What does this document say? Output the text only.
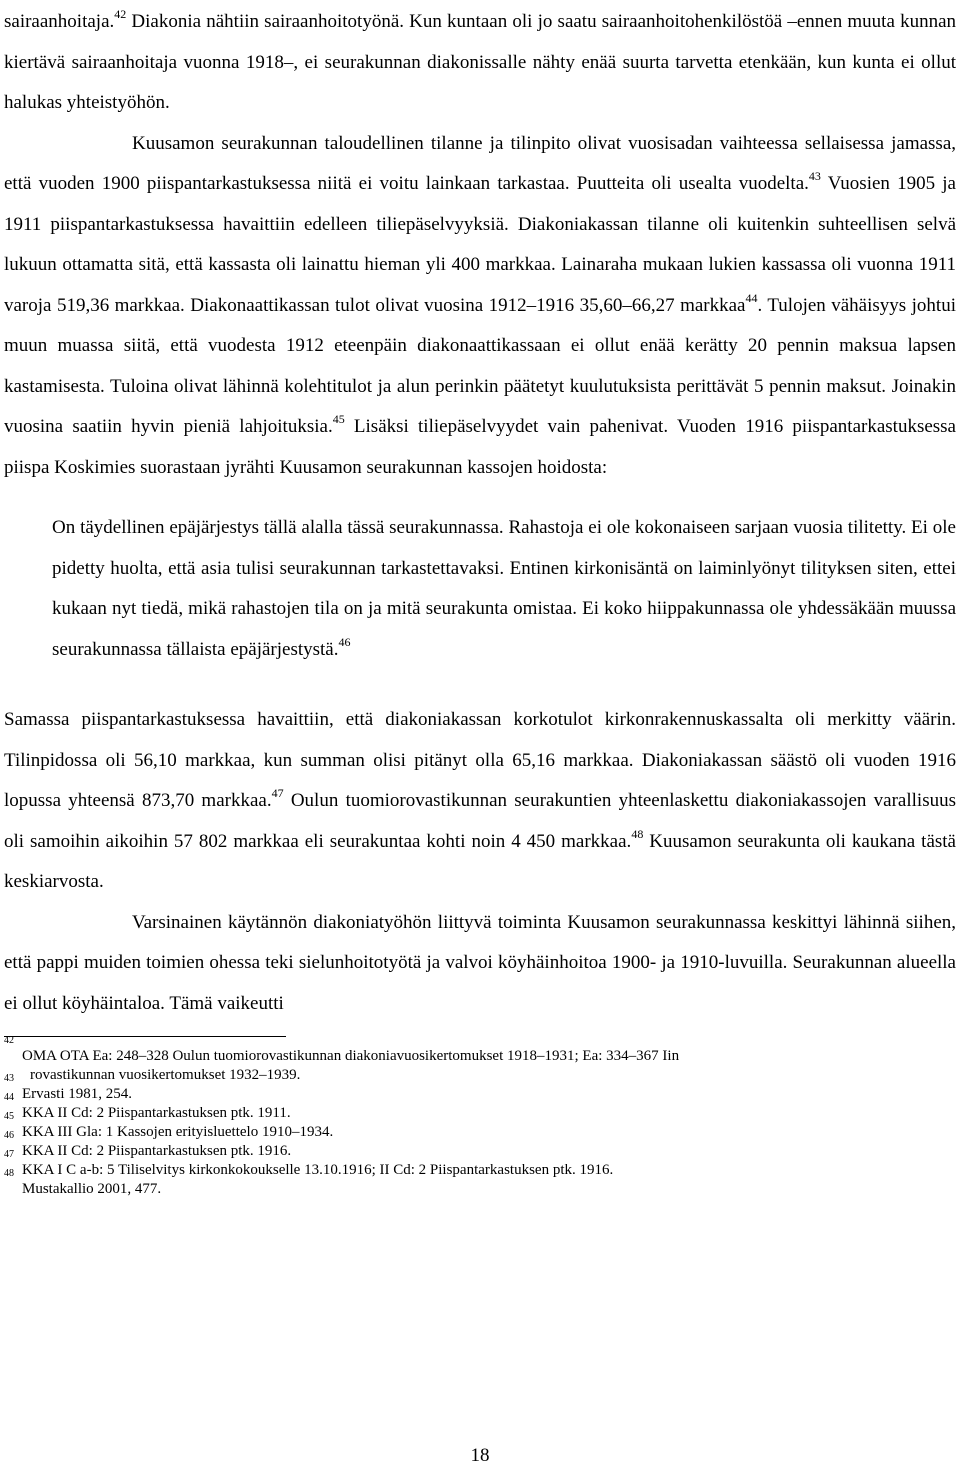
sairaanhoitaja.$^{42}$ Diakonia nähtiin sairaanhoitotyönä. Kun kuntaan oli jo saatu sairaanhoitohenkilöstöä –ennen muuta kunnan kiertävä sairaanhoitaja vuonna 1918–, ei seurakunnan diakonissalle nähty enää suurta tarvetta etenkään, kun kunta ei ollut halukas yhteistyöhön.

Kuusamon seurakunnan taloudellinen tilanne ja tilinpito olivat vuosisadan vaihteessa sellaisessa jamassa, että vuoden 1900 piispantarkastuksessa niitä ei voitu lainkaan tarkastaa. Puutteita oli usealta vuodelta.$^{43}$ Vuosien 1905 ja 1911 piispantarkastuksessa havaittiin edelleen tiliepäselvyyksiä. Diakoniakassan tilanne oli kuitenkin suhteellisen selvä lukuun ottamatta sitä, että kassasta oli lainattu hieman yli 400 markkaa. Lainaraha mukaan lukien kassassa oli vuonna 1911 varoja 519,36 markkaa. Diakonaattikassan tulot olivat vuosina 1912–1916 35,60–66,27 markkaa$^{44}$. Tulojen vähäisyys johtui muun muassa siitä, että vuodesta 1912 eteenpäin diakonaattikassaan ei ollut enää kerätty 20 pennin maksua lapsen kastamisesta. Tuloina olivat lähinnä kolehtitulot ja alun perinkin päätetyt kuulutuksista perittävät 5 pennin maksut. Joinakin vuosina saatiin hyvin pieniä lahjoituksia.$^{45}$ Lisäksi tiliepäselvyydet vain pahenivat. Vuoden 1916 piispantarkastuksessa piispa Koskimies suorastaan jyrähti Kuusamon seurakunnan kassojen hoidosta:

On täydellinen epäjärjestys tällä alalla tässä seurakunnassa. Rahastoja ei ole kokonaiseen sarjaan vuosia tilitetty. Ei ole pidetty huolta, että asia tulisi seurakunnan tarkastettavaksi. Entinen kirkonisäntä on laiminlyönyt tilityksen siten, ettei kukaan nyt tiedä, mikä rahastojen tila on ja mitä seurakunta omistaa. Ei koko hiippakunnassa ole yhdessäkään muussa seurakunnassa tällaista epäjärjestystä.$^{46}$

Samassa piispantarkastuksessa havaittiin, että diakoniakassan korkotulot kirkonrakennuskassalta oli merkitty väärin. Tilinpidossa oli 56,10 markkaa, kun summan olisi pitänyt olla 65,16 markkaa. Diakoniakassan säästö oli vuoden 1916 lopussa yhteensä 873,70 markkaa.$^{47}$ Oulun tuomiorovastikunnan seurakuntien yhteenlaskettu diakoniakassojen varallisuus oli samoihin aikoihin 57 802 markkaa eli seurakuntaa kohti noin 4 450 markkaa.$^{48}$ Kuusamon seurakunta oli kaukana tästä keskiarvosta.

Varsinainen käytännön diakoniatyöhön liittyvä toiminta Kuusamon seurakunnassa keskittyi lähinnä siihen, että pappi muiden toimien ohessa teki sielunhoitotyötä ja valvoi köyhäinhoitoa 1900- ja 1910-luvuilla. Seurakunnan alueella ei ollut köyhäintaloa. Tämä vaikeutti

42
OMA OTA Ea: 248–328 Oulun tuomiorovastikunnan diakoniavuosikertomukset 1918–1931; Ea: 334–367 Iin
rovastikunnan vuosikertomukset 1932–1939.
43
Ervasti 1981, 254.
44
KKA II Cd: 2 Piispantarkastuksen ptk. 1911.
45
KKA III Gla: 1 Kassojen erityisluettelo 1910–1934.
46
KKA II Cd: 2 Piispantarkastuksen ptk. 1916.
47
KKA I C a-b: 5 Tiliselvitys kirkonkokoukselle 13.10.1916; II Cd: 2 Piispantarkastuksen ptk. 1916.
48
Mustakallio 2001, 477.
18
